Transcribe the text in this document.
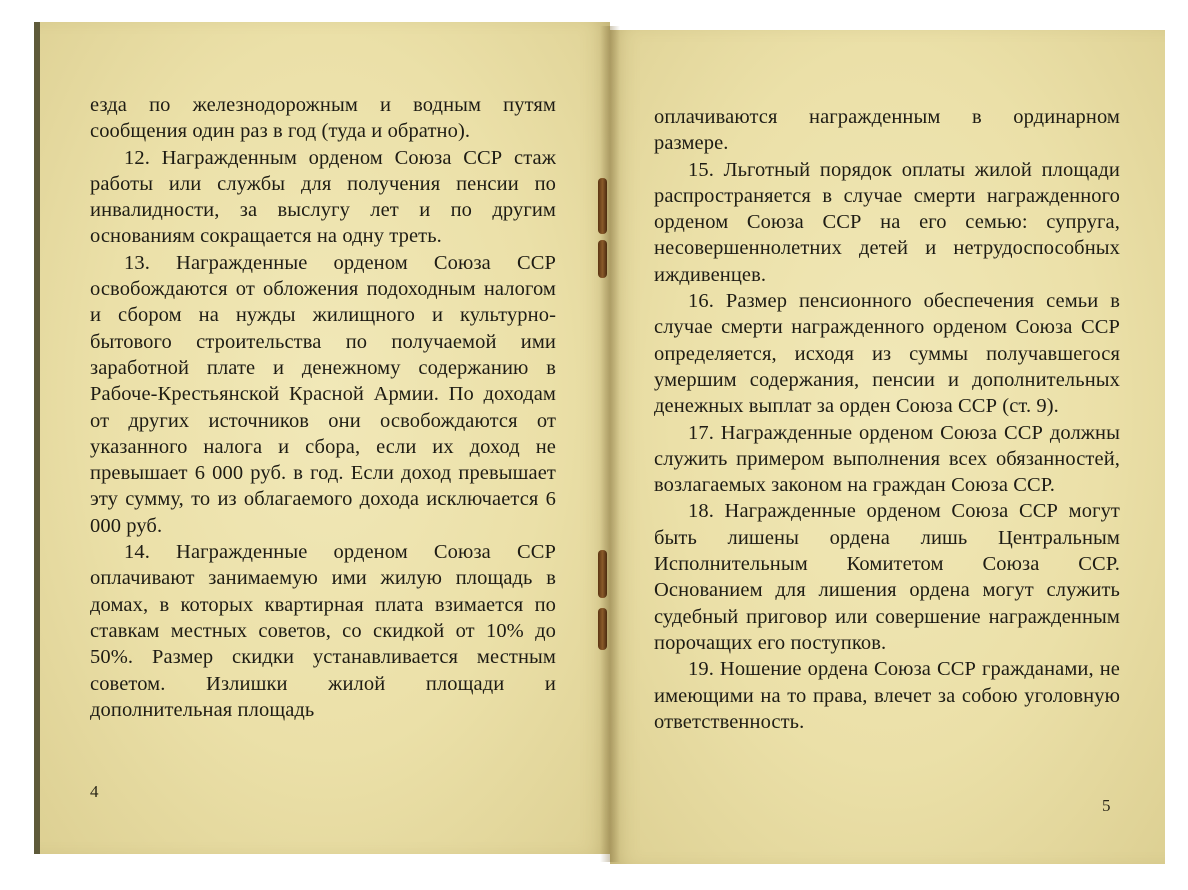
езда по железнодорожным и водным путям сообщения один раз в год (туда и обратно).

12. Награжденным орденом Союза ССР стаж работы или службы для получения пенсии по инвалидности, за выслугу лет и по другим основаниям сокращается на одну треть.

13. Награжденные орденом Союза ССР освобождаются от обложения подоходным налогом и сбором на нужды жилищного и культурно-бытового строительства по получаемой ими заработной плате и денежному содержанию в Рабоче-Крестьянской Красной Армии. По доходам от других источников они освобождаются от указанного налога и сбора, если их доход не превышает 6 000 руб. в год. Если доход превышает эту сумму, то из облагаемого дохода исключается 6 000 руб.

14. Награжденные орденом Союза ССР оплачивают занимаемую ими жилую площадь в домах, в которых квартирная плата взимается по ставкам местных советов, со скидкой от 10% до 50%. Размер скидки устанавливается местным советом. Излишки жилой площади и дополнительная площадь

4

оплачиваются награжденным в ординарном размере.

15. Льготный порядок оплаты жилой площади распространяется в случае смерти награжденного орденом Союза ССР на его семью: супруга, несовершеннолетних детей и нетрудоспособных иждивенцев.

16. Размер пенсионного обеспечения семьи в случае смерти награжденного орденом Союза ССР определяется, исходя из суммы получавшегося умершим содержания, пенсии и дополнительных денежных выплат за орден Союза ССР (ст. 9).

17. Награжденные орденом Союза ССР должны служить примером выполнения всех обязанностей, возлагаемых законом на граждан Союза ССР.

18. Награжденные орденом Союза ССР могут быть лишены ордена лишь Центральным Исполнительным Комитетом Союза ССР. Основанием для лишения ордена могут служить судебный приговор или совершение награжденным порочащих его поступков.

19. Ношение ордена Союза ССР гражданами, не имеющими на то права, влечет за собою уголовную ответственность.

5
